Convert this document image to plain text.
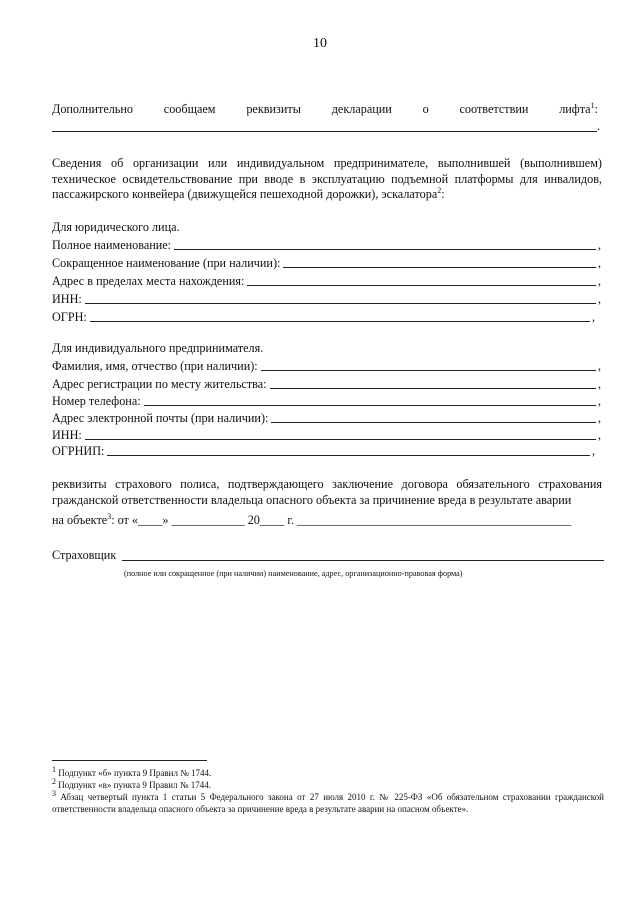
10
Дополнительно	сообщаем	реквизиты	декларации	о	соответствии	лифта$^1$:
.
Сведения об организации или индивидуальном предпринимателе, выполнившей (выполнившем) техническое освидетельствование при вводе в эксплуатацию подъемной платформы для инвалидов, пассажирского конвейера (движущейся пешеходной дорожки), эскалатора$^2$:
Для юридического лица.
Полное наименование:	,
Сокращенное наименование (при наличии):	,
Адрес в пределах места нахождения:	,
ИНН:	,
ОГРН:	,
Для индивидуального предпринимателя.
Фамилия, имя, отчество (при наличии):	,
Адрес регистрации по месту жительства:	,
Номер телефона:	,
Адрес электронной почты (при наличии):	,
ИНН:	,
ОГРНИП:	,
реквизиты страхового полиса, подтверждающего заключение договора обязательного страхования гражданской ответственности владельца опасного объекта за причинение вреда в результате аварии
на объекте$^3$: от «____» ____________ 20____ г. _____________________________________________
Страховщик
(полное или сокращенное (при наличии) наименование, адрес, организационно-правовая форма)
$^1$ Подпункт «б» пункта 9 Правил № 1744.
$^2$ Подпункт «в» пункта 9 Правил № 1744.
$^3$ Абзац четвертый пункта 1 статьи 5 Федерального закона от 27 июля 2010 г. № 225-ФЗ «Об обязательном страховании гражданской ответственности владельца опасного объекта за причинение вреда в результате аварии на опасном объекте».
